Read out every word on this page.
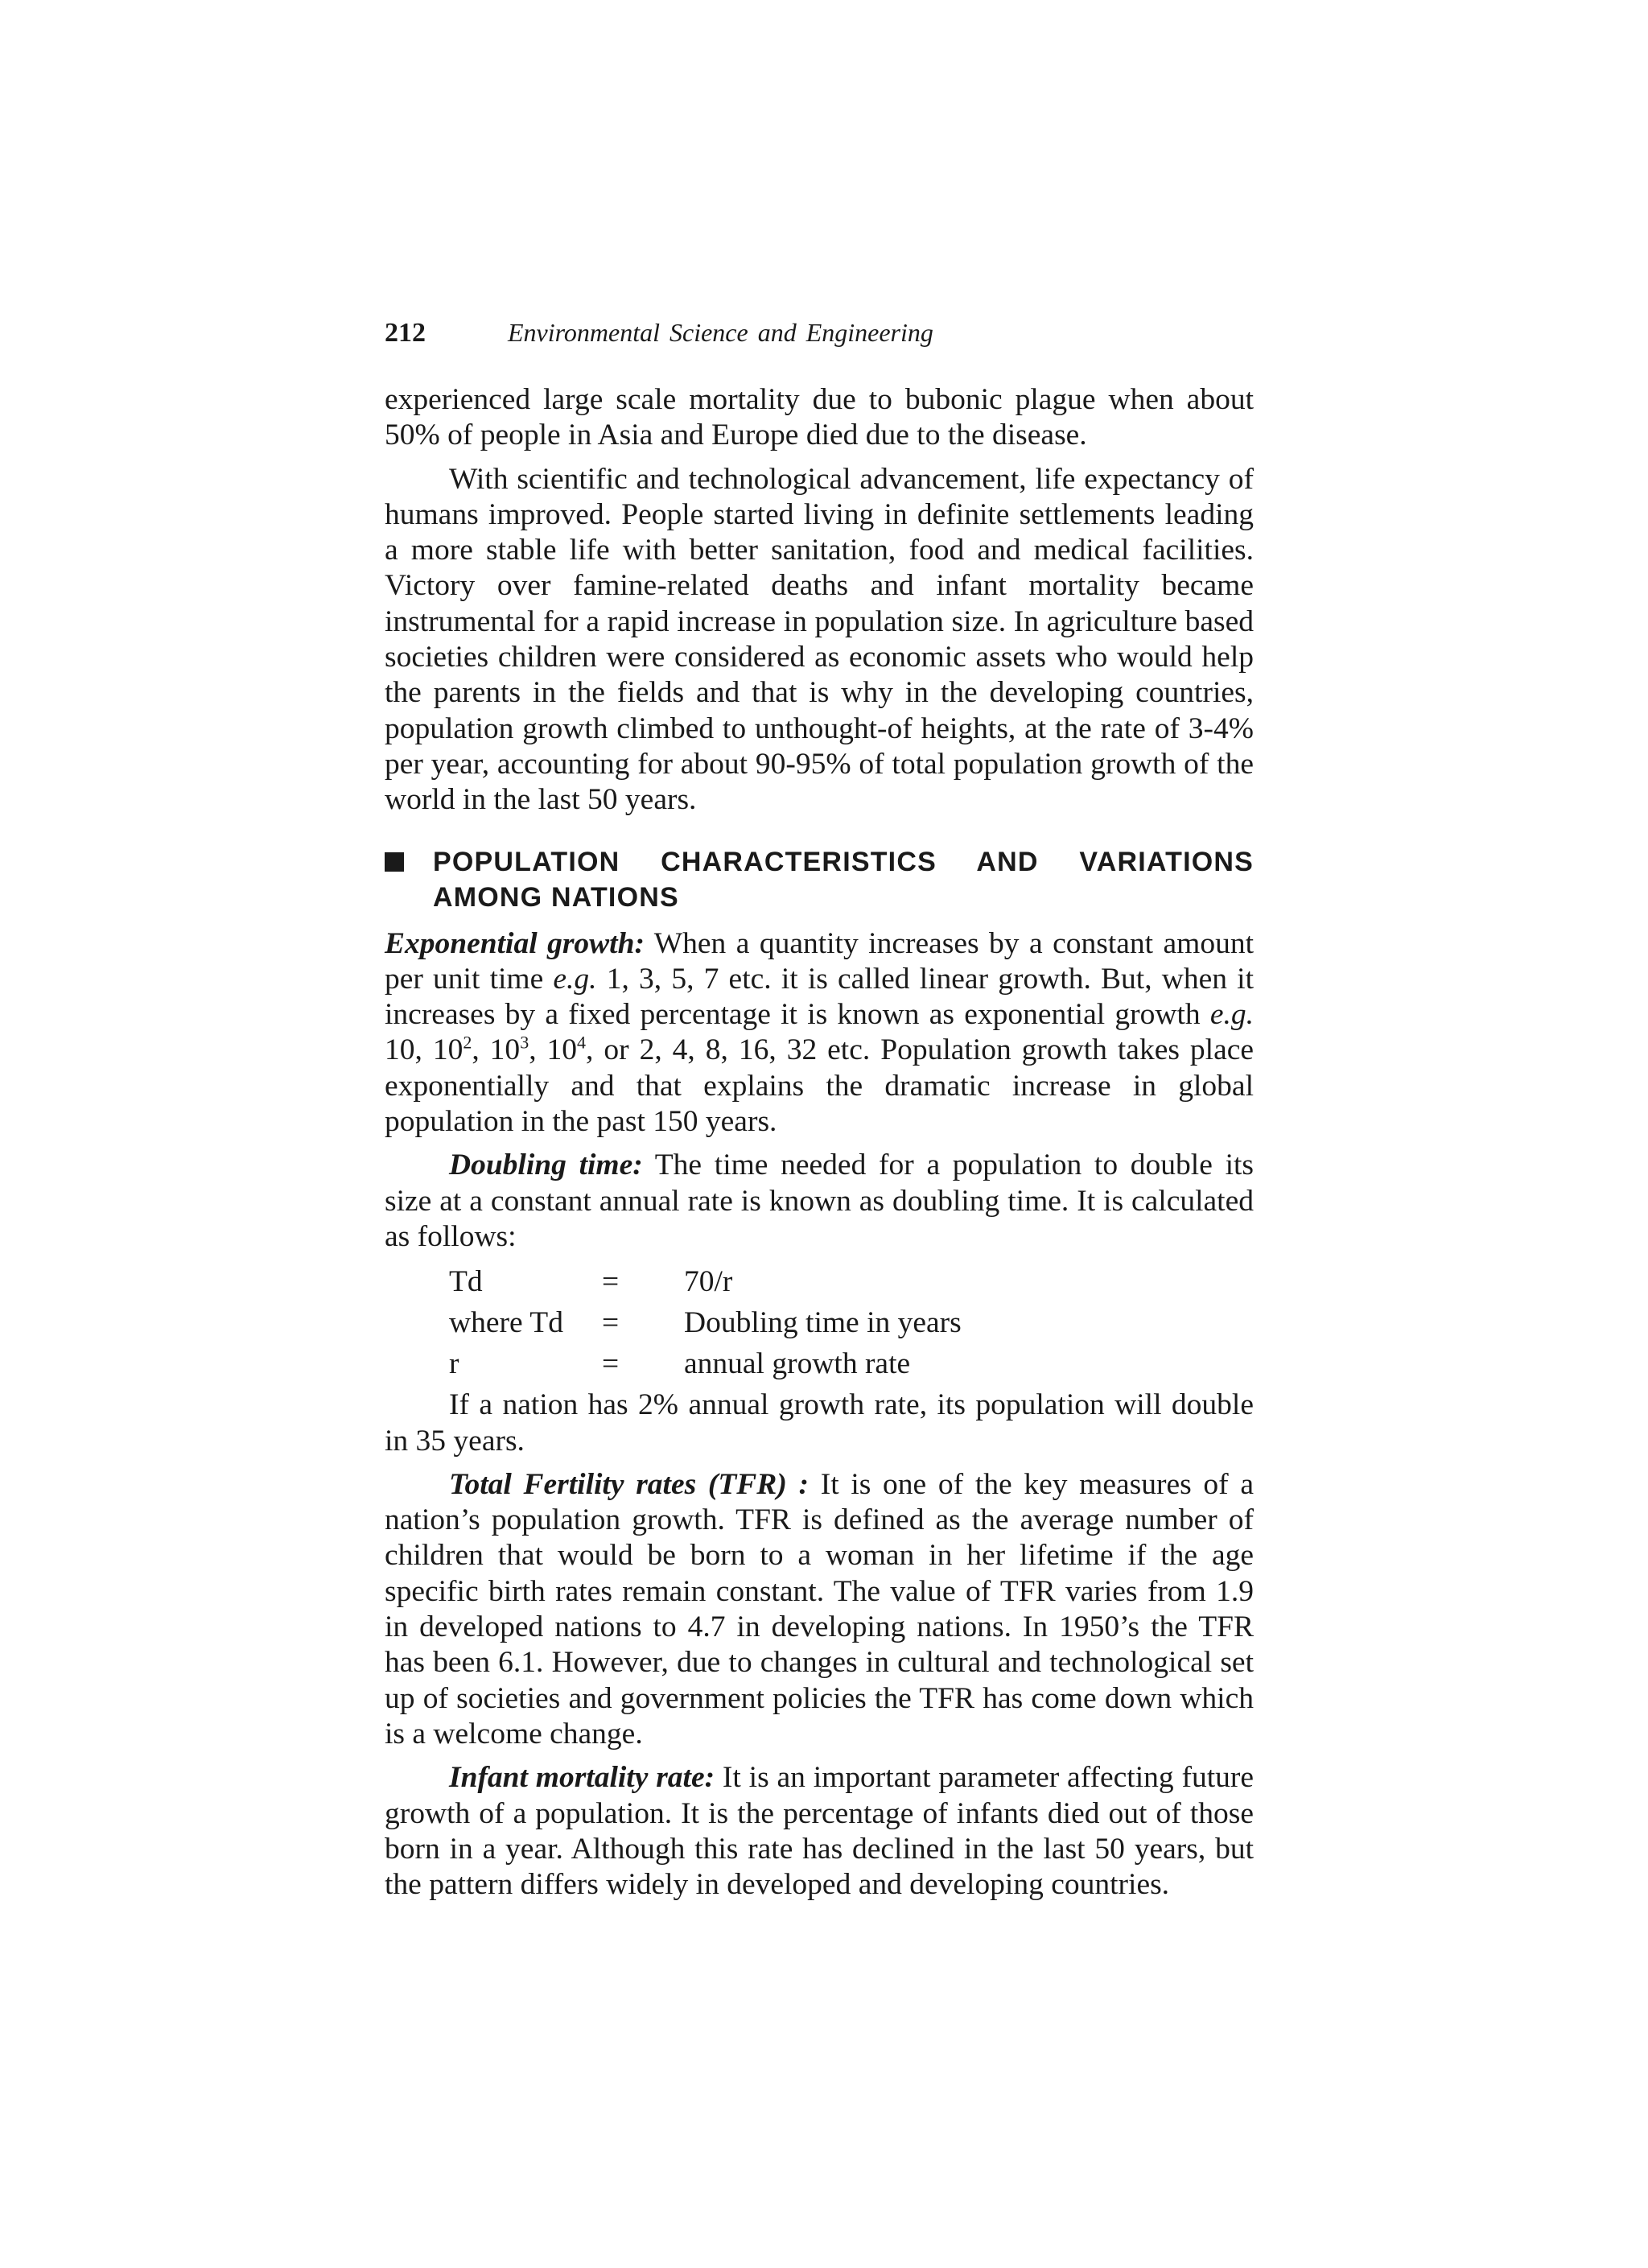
212	Environmental Science and Engineering

experienced large scale mortality due to bubonic plague when about 50% of people in Asia and Europe died due to the disease.

With scientific and technological advancement, life expectancy of humans improved. People started living in definite settlements leading a more stable life with better sanitation, food and medical facilities. Victory over famine-related deaths and infant mortality became instrumental for a rapid increase in population size. In agriculture based societies children were considered as economic assets who would help the parents in the fields and that is why in the developing countries, population growth climbed to unthought-of heights, at the rate of 3-4% per year, accounting for about 90-95% of total population growth of the world in the last 50 years.

POPULATION CHARACTERISTICS AND VARIATIONS AMONG NATIONS

Exponential growth: When a quantity increases by a constant amount per unit time e.g. 1, 3, 5, 7 etc. it is called linear growth. But, when it increases by a fixed percentage it is known as exponential growth e.g. 10, $10^2$, $10^3$, $10^4$, or 2, 4, 8, 16, 32 etc. Population growth takes place exponentially and that explains the dramatic increase in global population in the past 150 years.

Doubling time: The time needed for a population to double its size at a constant annual rate is known as doubling time. It is calculated as follows:

Td	=	70/r
where Td	=	Doubling time in years
r	=	annual growth rate

If a nation has 2% annual growth rate, its population will double in 35 years.

Total Fertility rates (TFR) : It is one of the key measures of a nation’s population growth. TFR is defined as the average number of children that would be born to a woman in her lifetime if the age specific birth rates remain constant. The value of TFR varies from 1.9 in developed nations to 4.7 in developing nations. In 1950’s the TFR has been 6.1. However, due to changes in cultural and technological set up of societies and government policies the TFR has come down which is a welcome change.

Infant mortality rate: It is an important parameter affecting future growth of a population. It is the percentage of infants died out of those born in a year. Although this rate has declined in the last 50 years, but the pattern differs widely in developed and developing countries.
